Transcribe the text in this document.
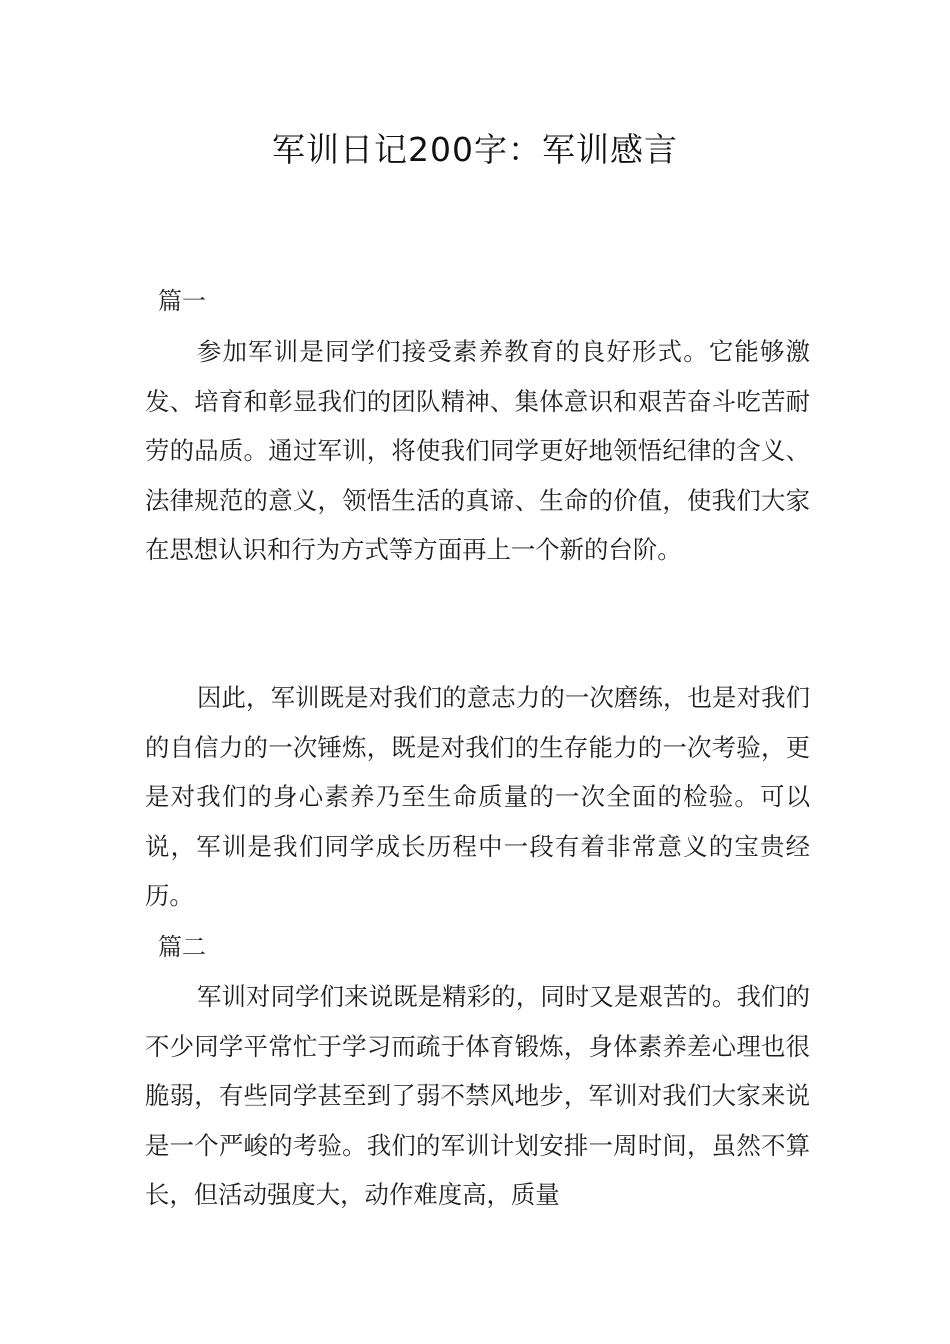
军训日记200字：军训感言
篇一
参加军训是同学们接受素养教育的良好形式。它能够激发、培育和彰显我们的团队精神、集体意识和艰苦奋斗吃苦耐劳的品质。通过军训，将使我们同学更好地领悟纪律的含义、法律规范的意义，领悟生活的真谛、生命的价值，使我们大家在思想认识和行为方式等方面再上一个新的台阶。
因此，军训既是对我们的意志力的一次磨练，也是对我们的自信力的一次锤炼，既是对我们的生存能力的一次考验，更是对我们的身心素养乃至生命质量的一次全面的检验。可以说，军训是我们同学成长历程中一段有着非常意义的宝贵经历。
篇二
军训对同学们来说既是精彩的，同时又是艰苦的。我们的不少同学平常忙于学习而疏于体育锻炼，身体素养差心理也很脆弱，有些同学甚至到了弱不禁风地步，军训对我们大家来说是一个严峻的考验。我们的军训计划安排一周时间，虽然不算长，但活动强度大，动作难度高，质量
